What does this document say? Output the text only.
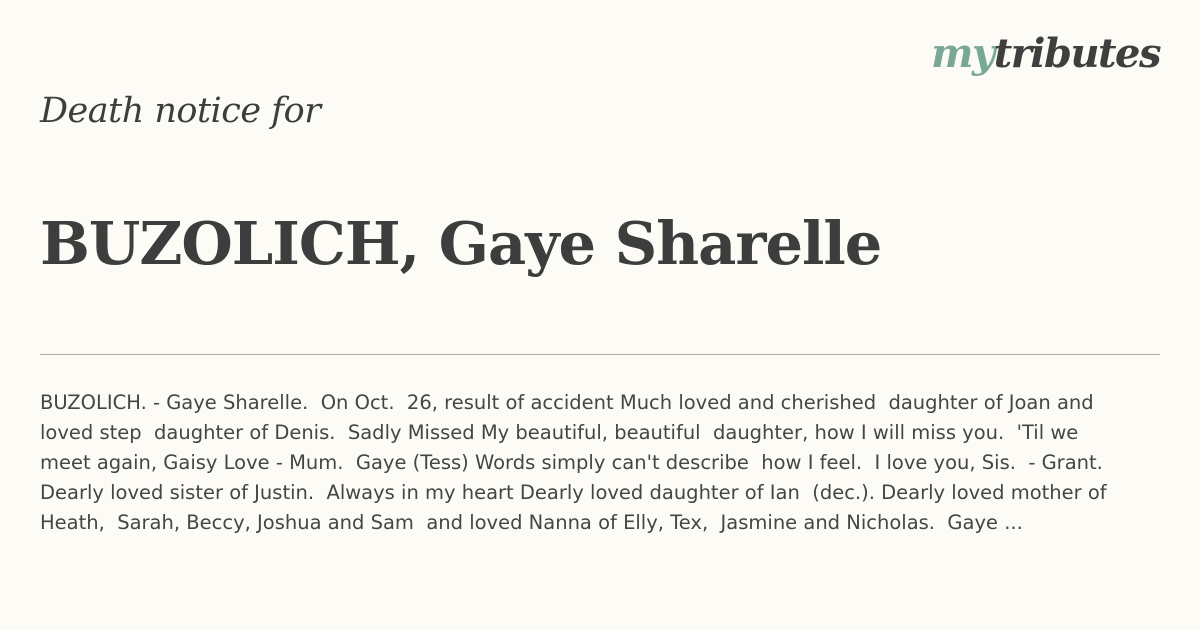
mytributes
Death notice for
BUZOLICH, Gaye Sharelle
BUZOLICH. - Gaye Sharelle.  On Oct.  26, result of accident Much loved and cherished  daughter of Joan and loved step  daughter of Denis.  Sadly Missed My beautiful, beautiful  daughter, how I will miss you.  'Til we meet again, Gaisy Love - Mum.  Gaye (Tess) Words simply can't describe  how I feel.  I love you, Sis.  - Grant.  Dearly loved sister of Justin.  Always in my heart Dearly loved daughter of Ian  (dec.). Dearly loved mother of Heath,  Sarah, Beccy, Joshua and Sam  and loved Nanna of Elly, Tex,  Jasmine and Nicholas.  Gaye ...
